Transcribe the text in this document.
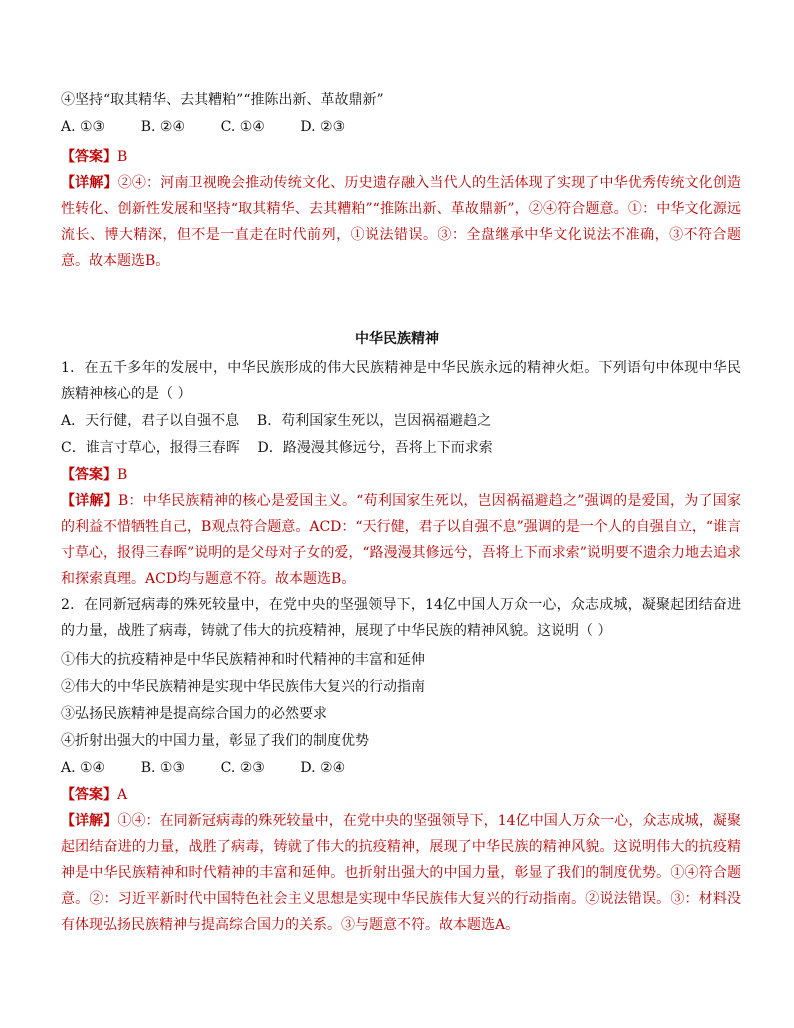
④坚持“取其精华、去其糟粕”“推陈出新、革故鼎新”
A. ①③        B. ②④        C. ①④        D. ②③
【答案】B
【详解】②④：河南卫视晚会推动传统文化、历史遗存融入当代人的生活体现了实现了中华优秀传统文化创造性转化、创新性发展和坚持“取其精华、去其糟粕”“推陈出新、革故鼎新”，②④符合题意。①：中华文化源远流长、博大精深，但不是一直走在时代前列，①说法错误。③：全盘继承中华文化说法不准确，③不符合题意。故本题选B。
中华民族精神
1．在五千多年的发展中，中华民族形成的伟大民族精神是中华民族永远的精神火炬。下列语句中体现中华民族精神核心的是（ ）
A．天行健，君子以自强不息    B．苟利国家生死以，岂因祸福避趋之
C．谁言寸草心，报得三春晖    D．路漫漫其修远兮，吾将上下而求索
【答案】B
【详解】B：中华民族精神的核心是爱国主义。“苟利国家生死以，岂因祸福避趋之”强调的是爱国，为了国家的利益不惜牺牲自己，B观点符合题意。ACD：“天行健，君子以自强不息”强调的是一个人的自强自立，“谁言寸草心，报得三春晖”说明的是父母对子女的爱，“路漫漫其修远兮，吾将上下而求索”说明要不遗余力地去追求和探索真理。ACD均与题意不符。故本题选B。
2．在同新冠病毒的殊死较量中，在党中央的坚强领导下，14亿中国人万众一心，众志成城，凝聚起团结奋进的力量，战胜了病毒，铸就了伟大的抗疫精神，展现了中华民族的精神风貌。这说明（ ）
①伟大的抗疫精神是中华民族精神和时代精神的丰富和延伸
②伟大的中华民族精神是实现中华民族伟大复兴的行动指南
③弘扬民族精神是提高综合国力的必然要求
④折射出强大的中国力量，彰显了我们的制度优势
A. ①④        B. ①③        C. ②③        D. ②④
【答案】A
【详解】①④：在同新冠病毒的殊死较量中，在党中央的坚强领导下，14亿中国人万众一心，众志成城，凝聚起团结奋进的力量，战胜了病毒，铸就了伟大的抗疫精神，展现了中华民族的精神风貌。这说明伟大的抗疫精神是中华民族精神和时代精神的丰富和延伸。也折射出强大的中国力量，彰显了我们的制度优势。①④符合题意。②：习近平新时代中国特色社会主义思想是实现中华民族伟大复兴的行动指南。②说法错误。③：材料没有体现弘扬民族精神与提高综合国力的关系。③与题意不符。故本题选A。
